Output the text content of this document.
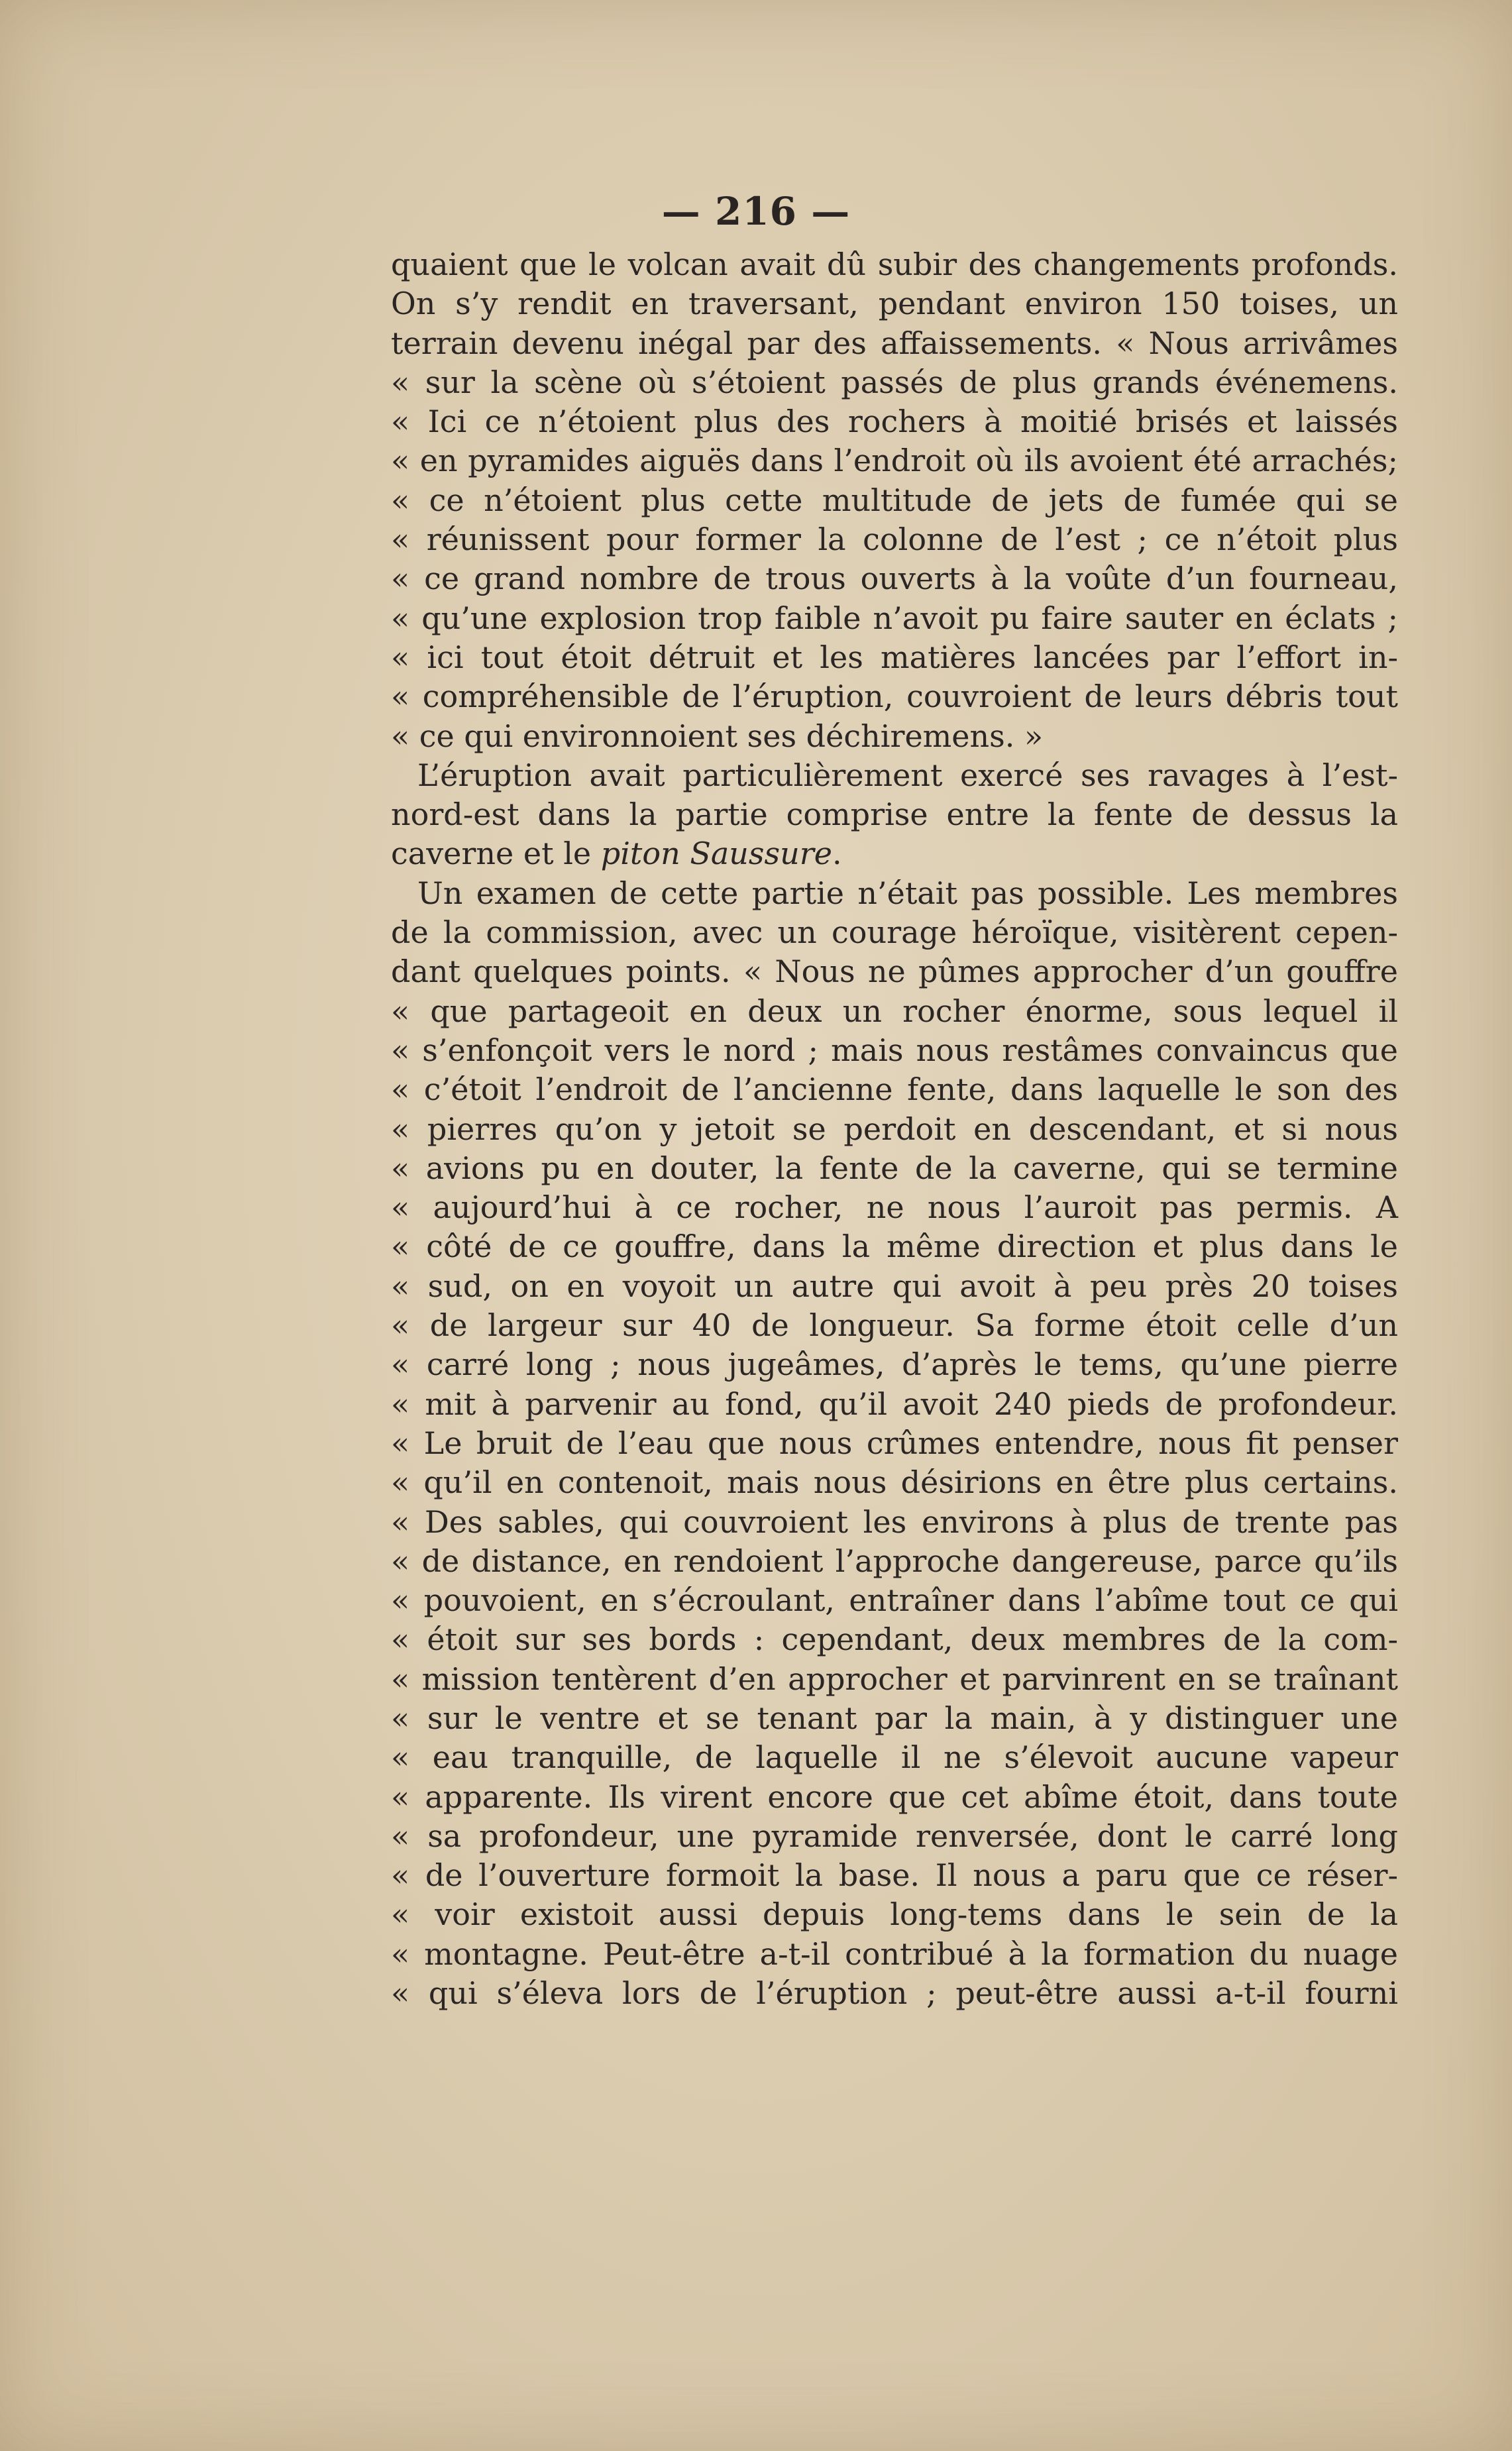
— 216 —
quaient que le volcan avait dû subir des changements profonds.
On s’y rendit en traversant, pendant environ 150 toises, un
terrain devenu inégal par des affaissements. « Nous arrivâmes
« sur la scène où s’étoient passés de plus grands événemens.
« Ici ce n’étoient plus des rochers à moitié brisés et laissés
« en pyramides aiguës dans l’endroit où ils avoient été arrachés;
« ce n’étoient plus cette multitude de jets de fumée qui se
« réunissent pour former la colonne de l’est ; ce n’étoit plus
« ce grand nombre de trous ouverts à la voûte d’un fourneau,
« qu’une explosion trop faible n’avoit pu faire sauter en éclats ;
« ici tout étoit détruit et les matières lancées par l’effort in-
« compréhensible de l’éruption, couvroient de leurs débris tout
« ce qui environnoient ses déchiremens. »
L’éruption avait particulièrement exercé ses ravages à l’est-
nord-est dans la partie comprise entre la fente de dessus la
caverne et le piton Saussure.
Un examen de cette partie n’était pas possible. Les membres
de la commission, avec un courage héroïque, visitèrent cepen-
dant quelques points. « Nous ne pûmes approcher d’un gouffre
« que partageoit en deux un rocher énorme, sous lequel il
« s’enfonçoit vers le nord ; mais nous restâmes convaincus que
« c’étoit l’endroit de l’ancienne fente, dans laquelle le son des
« pierres qu’on y jetoit se perdoit en descendant, et si nous
« avions pu en douter, la fente de la caverne, qui se termine
« aujourd’hui à ce rocher, ne nous l’auroit pas permis. A
« côté de ce gouffre, dans la même direction et plus dans le
« sud, on en voyoit un autre qui avoit à peu près 20 toises
« de largeur sur 40 de longueur. Sa forme étoit celle d’un
« carré long ; nous jugeâmes, d’après le tems, qu’une pierre
« mit à parvenir au fond, qu’il avoit 240 pieds de profondeur.
« Le bruit de l’eau que nous crûmes entendre, nous fit penser
« qu’il en contenoit, mais nous désirions en être plus certains.
« Des sables, qui couvroient les environs à plus de trente pas
« de distance, en rendoient l’approche dangereuse, parce qu’ils
« pouvoient, en s’écroulant, entraîner dans l’abîme tout ce qui
« étoit sur ses bords : cependant, deux membres de la com-
« mission tentèrent d’en approcher et parvinrent en se traînant
« sur le ventre et se tenant par la main, à y distinguer une
« eau tranquille, de laquelle il ne s’élevoit aucune vapeur
« apparente. Ils virent encore que cet abîme étoit, dans toute
« sa profondeur, une pyramide renversée, dont le carré long
« de l’ouverture formoit la base. Il nous a paru que ce réser-
« voir existoit aussi depuis long-tems dans le sein de la
« montagne. Peut-être a-t-il contribué à la formation du nuage
« qui s’éleva lors de l’éruption ; peut-être aussi a-t-il fourni
